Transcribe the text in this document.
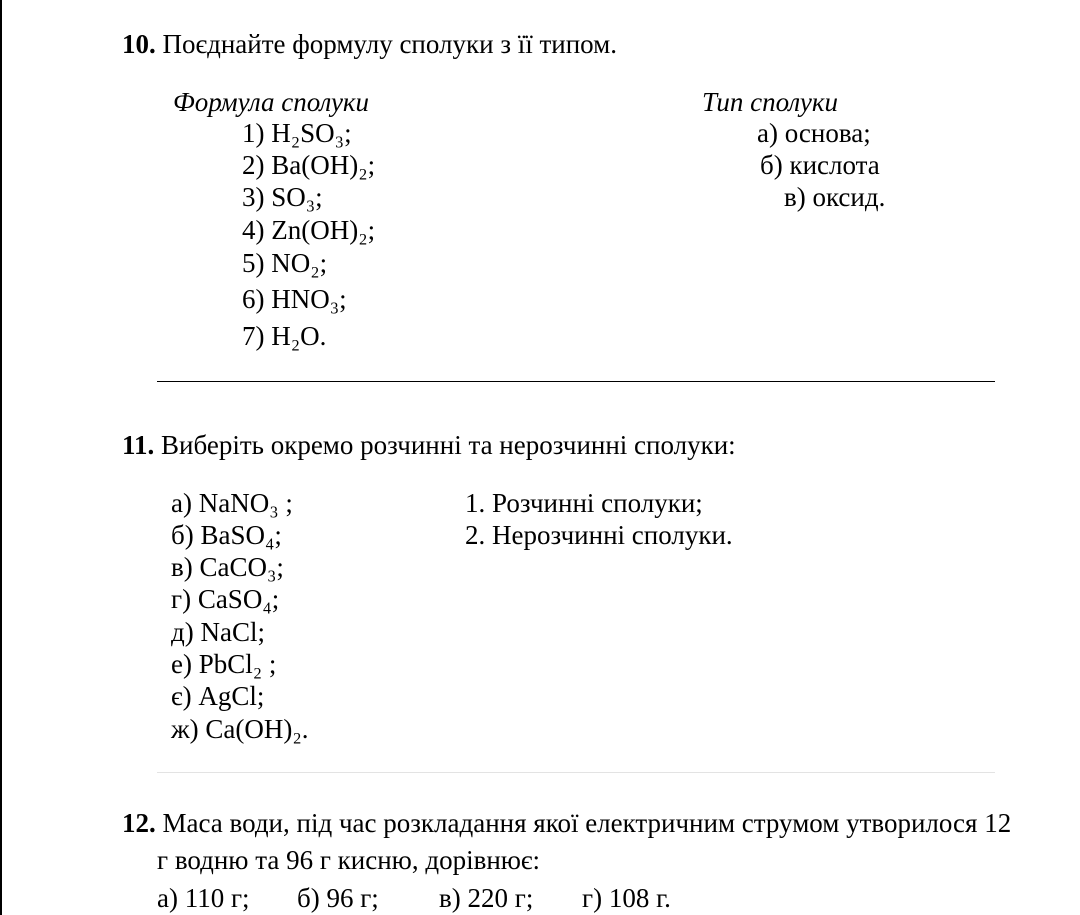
10. Поєднайте формулу сполуки з її типом.
Формула сполуки	Тип сполуки
1) H₂SO₃;
2) Ba(OH)₂;
3) SO₃;
4) Zn(OH)₂;
5) NO₂;
6) HNO₃;
7) H₂O.
а) основа;
б) кислота
в) оксид.
11. Виберіть окремо розчинні та нерозчинні сполуки:
а) NaNO₃ ;
б) BaSO₄;
в) CaCO₃;
г) CaSO₄;
д) NaCl;
е) PbCl₂ ;
є) AgCl;
ж) Ca(OH)₂.
1. Розчинні сполуки;
2. Нерозчинні сполуки.
12. Маса води, під час розкладання якої електричним струмом утворилося 12
г водню та 96 г кисню, дорівнює:
а) 110 г; б) 96 г; в) 220 г; г) 108 г.
